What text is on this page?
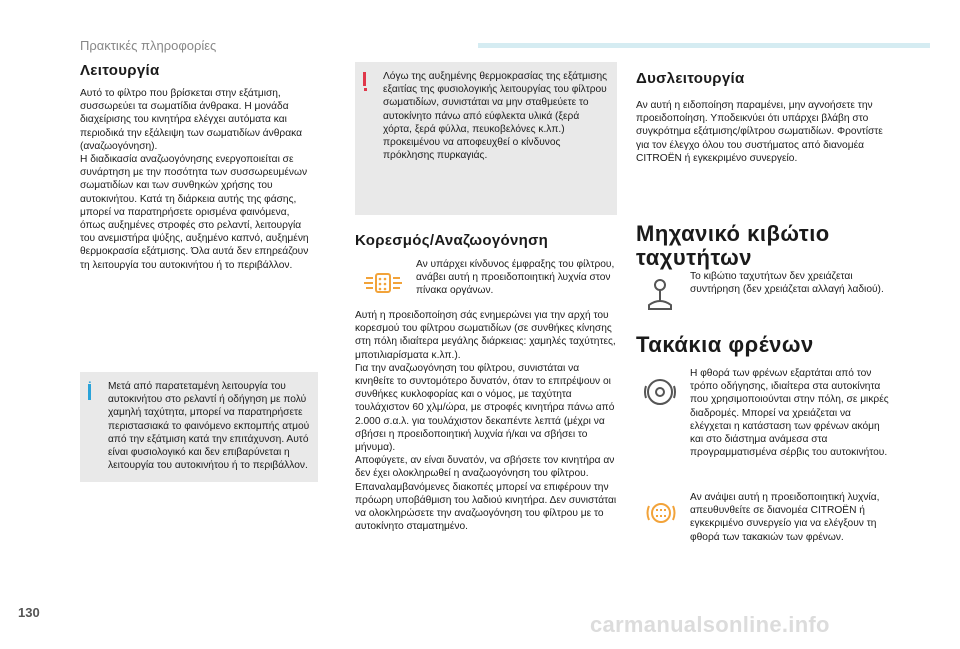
Πρακτικές πληροφορίες
Λειτουργία

Αυτό το φίλτρο που βρίσκεται στην εξάτμιση, συσσωρεύει τα σωματίδια άνθρακα. Η μονάδα διαχείρισης του κινητήρα ελέγχει αυτόματα και περιοδικά την εξάλειψη των σωματιδίων άνθρακα (αναζωογόνηση).

Η διαδικασία αναζωογόνησης ενεργοποιείται σε συνάρτηση με την ποσότητα των συσσωρευμένων σωματιδίων και των συνθηκών χρήσης του αυτοκινήτου. Κατά τη διάρκεια αυτής της φάσης, μπορεί να παρατηρήσετε ορισμένα φαινόμενα, όπως αυξημένες στροφές στο ρελαντί, λειτουργία του ανεμιστήρα ψύξης, αυξημένο καπνό, αυξημένη θερμοκρασία εξάτμισης. Όλα αυτά δεν επηρεάζουν τη λειτουργία του αυτοκινήτου ή το περιβάλλον.

i Μετά από παρατεταμένη λειτουργία του αυτοκινήτου στο ρελαντί ή οδήγηση με πολύ χαμηλή ταχύτητα, μπορεί να παρατηρήσετε περιστασιακά το φαινόμενο εκπομπής ατμού από την εξάτμιση κατά την επιτάχυνση. Αυτό είναι φυσιολογικό και δεν επιβαρύνεται η λειτουργία του αυτοκινήτου ή το περιβάλλον.

Λόγω της αυξημένης θερμοκρασίας της εξάτμισης εξαιτίας της φυσιολογικής λειτουργίας του φίλτρου σωματιδίων, συνιστάται να μην σταθμεύετε το αυτοκίνητο πάνω από εύφλεκτα υλικά (ξερά χόρτα, ξερά φύλλα, πευκοβελόνες κ.λπ.) προκειμένου να αποφευχθεί ο κίνδυνος πρόκλησης πυρκαγιάς.

Κορεσμός/Αναζωογόνηση

Αν υπάρχει κίνδυνος έμφραξης του φίλτρου, ανάβει αυτή η προειδοποιητική λυχνία στον πίνακα οργάνων.

Αυτή η προειδοποίηση σάς ενημερώνει για την αρχή του κορεσμού του φίλτρου σωματιδίων (σε συνθήκες κίνησης στη πόλη ιδιαίτερα μεγάλης διάρκειας: χαμηλές ταχύτητες, μποτιλιαρίσματα κ.λπ.).

Για την αναζωογόνηση του φίλτρου, συνιστάται να κινηθείτε το συντομότερο δυνατόν, όταν το επιτρέψουν οι συνθήκες κυκλοφορίας και ο νόμος, με ταχύτητα τουλάχιστον 60 χλμ/ώρα, με στροφές κινητήρα πάνω από 2.000 σ.α.λ. για τουλάχιστον δεκαπέντε λεπτά (μέχρι να σβήσει η προειδοποιητική λυχνία ή/και να σβήσει το μήνυμα).

Αποφύγετε, αν είναι δυνατόν, να σβήσετε τον κινητήρα αν δεν έχει ολοκληρωθεί η αναζωογόνηση του φίλτρου. Επαναλαμβανόμενες διακοπές μπορεί να επιφέρουν την πρόωρη υποβάθμιση του λαδιού κινητήρα. Δεν συνιστάται να ολοκληρώσετε την αναζωογόνηση του φίλτρου με το αυτοκίνητο σταματημένο.

Δυσλειτουργία

Αν αυτή η ειδοποίηση παραμένει, μην αγνοήσετε την προειδοποίηση. Υποδεικνύει ότι υπάρχει βλάβη στο συγκρότημα εξάτμισης/φίλτρου σωματιδίων. Φροντίστε για τον έλεγχο όλου του συστήματος από διανομέα CITROËN ή εγκεκριμένο συνεργείο.

Μηχανικό κιβώτιο ταχυτήτων

Το κιβώτιο ταχυτήτων δεν χρειάζεται συντήρηση (δεν χρειάζεται αλλαγή λαδιού).

Τακάκια φρένων

Η φθορά των φρένων εξαρτάται από τον τρόπο οδήγησης, ιδιαίτερα στα αυτοκίνητα που χρησιμοποιούνται στην πόλη, σε μικρές διαδρομές. Μπορεί να χρειάζεται να ελέγχεται η κατάσταση των φρένων ακόμη και στο διάστημα ανάμεσα στα προγραμματισμένα σέρβις του αυτοκινήτου.

Αν ανάψει αυτή η προειδοποιητική λυχνία, απευθυνθείτε σε διανομέα CITROËN ή εγκεκριμένο συνεργείο για να ελέγξουν τη φθορά των τακακιών των φρένων.

130	carmanualsonline.info
